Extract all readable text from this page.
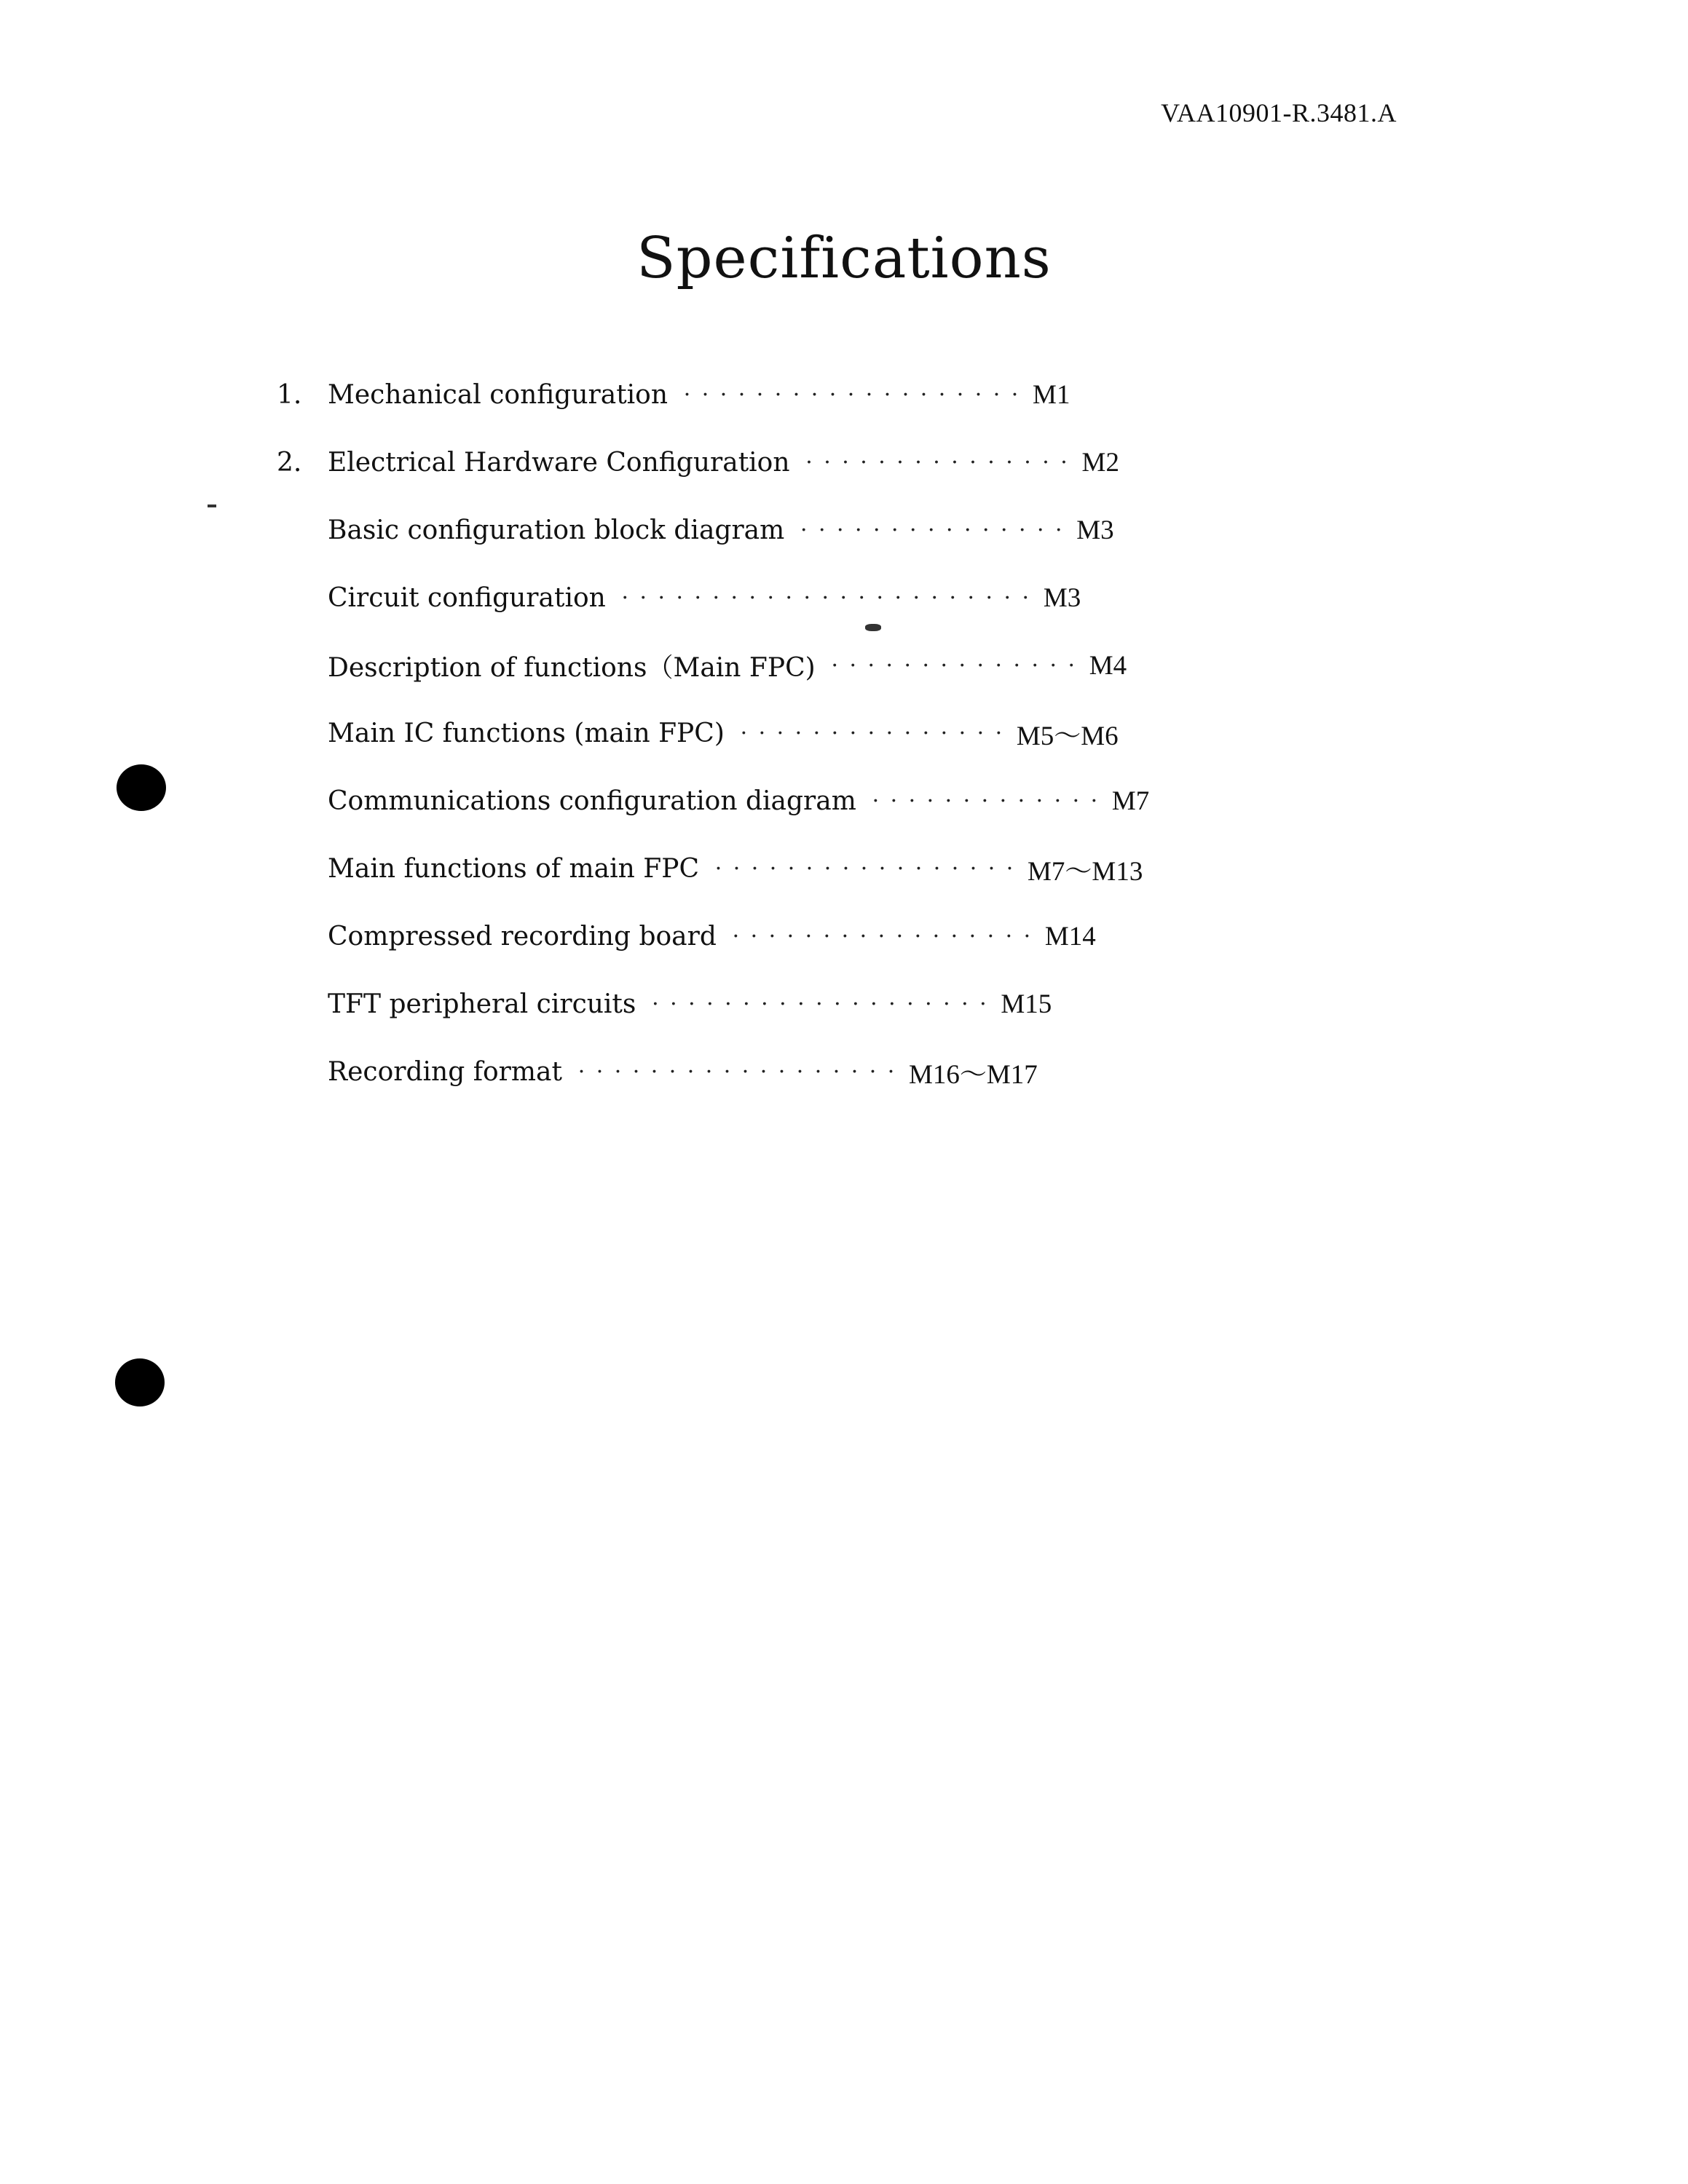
VAA10901-R.3481.A
Specifications
1. Mechanical configuration · · · · · · · · · · · · · · · · · · · M1
2. Electrical Hardware Configuration · · · · · · · · · · · · · · · M2
Basic configuration block diagram · · · · · · · · · · · · · · · M3
Circuit configuration · · · · · · · · · · · · · · · · · · · · · · · M3
Description of functions（Main FPC) · · · · · · · · · · · · · · M4
Main IC functions (main FPC) · · · · · · · · · · · · · · · M5～M6
Communications configuration diagram · · · · · · · · · · · · · M7
Main functions of main FPC · · · · · · · · · · · · · · · · · M7～M13
Compressed recording board · · · · · · · · · · · · · · · · · M14
TFT peripheral circuits · · · · · · · · · · · · · · · · · · · M15
Recording format · · · · · · · · · · · · · · · · · · M16～M17
